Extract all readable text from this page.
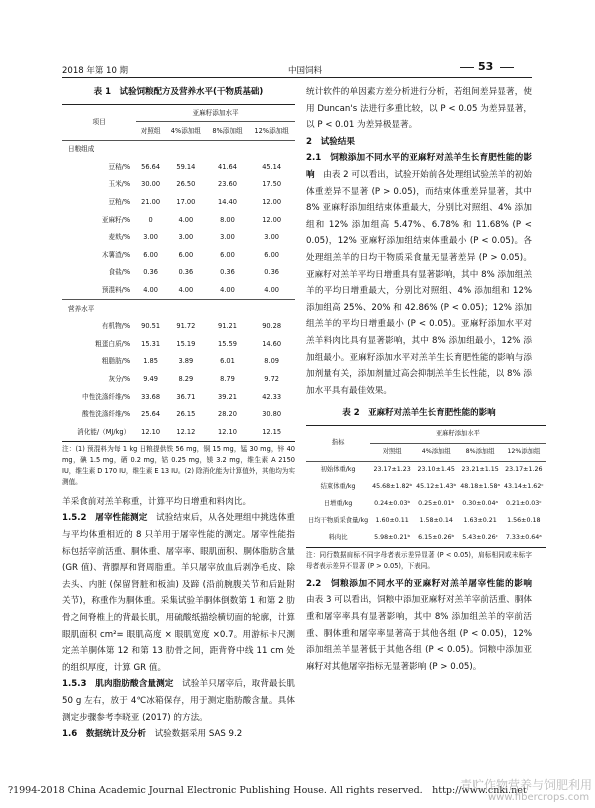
2018 年第 10 期	中国饲料	53
表 1　试验饲粮配方及营养水平(干物质基础)
项目	亚麻籽添加水平			
	对照组	4%添加组	8%添加组	12%添加组
日粮组成				
豆秸/%	56.64	59.14	41.64	45.14
玉米/%	30.00	26.50	23.60	17.50
豆粕/%	21.00	17.00	14.40	12.00
亚麻籽/%	0	4.00	8.00	12.00
麦麸/%	3.00	3.00	3.00	3.00
木薯渣/%	6.00	6.00	6.00	6.00
食盐/%	0.36	0.36	0.36	0.36
预混料/%	4.00	4.00	4.00	4.00
营养水平				
有机物/%	90.51	91.72	91.21	90.28
粗蛋白质/%	15.31	15.19	15.59	14.60
粗脂肪/%	1.85	3.89	6.01	8.09
灰分/%	9.49	8.29	8.79	9.72
中性洗涤纤维/%	33.68	36.71	39.21	42.33
酸性洗涤纤维/%	25.64	26.15	28.20	30.80
消化能/（MJ/kg）	12.10	12.12	12.10	12.15
注：(1) 预混料为每 1 kg 日粮提供铁 56 mg，铜 15 mg，锰 30 mg，锌 40 mg，碘 1.5 mg，硒 0.2 mg，钴 0.25 mg，镁 3.2 mg，维生素 A 2150 IU，维生素 D 170 IU，维生素 E 13 IU。(2) 除消化能为计算值外，其他均为实测值。

羊采食前对羔羊称重，计算平均日增重和料肉比。

1.5.2　屠宰性能测定　试验结束后，从各处理组中挑选体重与平均体重相近的 8 只羊用于屠宰性能的测定。屠宰性能指标包括宰前活重、胴体重、屠宰率、眼肌面积、胴体脂肪含量 (GR 值)、背膘厚和肾周脂重。羊只屠宰放血后剥净毛皮、除去头、内脏 (保留肾脏和板油) 及蹄 (沿前腕腹关节和后趾附关节)，称重作为胴体重。采集试验羊胴体倒数第 1 和第 2 肋骨之间脊椎上的背最长肌，用硫酸纸描绘横切面的轮廓，计算眼肌面积 cm²= 眼肌高度 × 眼肌宽度 ×0.7。用游标卡尺测定羔羊胴体第 12 和第 13 肋骨之间，距背脊中线 11 cm 处的组织厚度，计算 GR 值。

1.5.3　肌肉脂肪酸含量测定　试验羊只屠宰后，取背最长肌 50 g 左右，放于 4℃冰箱保存，用于测定脂肪酸含量。具体测定步骤参考李晓亚 (2017) 的方法。

1.6　数据统计及分析　试验数据采用 SAS 9.2

统计软件的单因素方差分析进行分析，若组间差异显著，使用 Duncan's 法进行多重比较，以 P < 0.05 为差异显著，以 P < 0.01 为差异极显著。

2　试验结果

2.1　饲粮添加不同水平的亚麻籽对羔羊生长育肥性能的影响　由表 2 可以看出，试验开始前各处理组试验羔羊的初始体重差异不显著 (P > 0.05)，而结束体重差异显著，其中 8% 亚麻籽添加组结束体重最大，分别比对照组、4% 添加组和 12% 添加组高 5.47%、6.78% 和 11.68% (P < 0.05)，12% 亚麻籽添加组结束体重最小 (P < 0.05)。各处理组羔羊的日均干物质采食量无显著差异 (P > 0.05)。亚麻籽对羔羊平均日增重具有显著影响，其中 8% 添加组羔羊的平均日增重最大，分别比对照组、4% 添加组和 12% 添加组高 25%、20% 和 42.86% (P < 0.05)；12% 添加组羔羊的平均日增重最小 (P < 0.05)。亚麻籽添加水平对羔羊料肉比具有显著影响，其中 8% 添加组最小，12% 添加组最小。亚麻籽添加水平对羔羊生长育肥性能的影响与添加剂量有关，添加剂量过高会抑制羔羊生长性能，以 8% 添加水平具有最佳效果。

表 2　亚麻籽对羔羊生长育肥性能的影响
指标	亚麻籽添加水平			
	对照组	4%添加组	8%添加组	12%添加组
初始体重/kg	23.17±1.23	23.10±1.45	23.21±1.15	23.17±1.26
结束体重/kg	45.68±1.82ᵇ	45.12±1.43ᵇ	48.18±1.58ᵃ	43.14±1.62ᶜ
日增重/kg	0.24±0.03ᵇ	0.25±0.01ᵇ	0.30±0.04ᵃ	0.21±0.03ᶜ
日均干物质采食量/kg	1.60±0.11	1.58±0.14	1.63±0.21	1.56±0.18
料肉比	5.98±0.21ᵇ	6.15±0.26ᵇ	5.43±0.26ᶜ	7.33±0.64ᵃ
注：同行数据肩标不同字母者表示差异显著 (P < 0.05)，肩标相同或未标字母者表示差异不显著 (P > 0.05)，下表同。

2.2　饲粮添加不同水平的亚麻籽对羔羊屠宰性能的影响　由表 3 可以看出，饲粮中添加亚麻籽对羔羊宰前活重、胴体重和屠宰率具有显著影响，其中 8% 添加组羔羊的宰前活重、胴体重和屠宰率显著高于其他各组 (P < 0.05)，12% 添加组羔羊显著低于其他各组 (P < 0.05)。饲粮中添加亚麻籽对其他屠宰指标无显著影响 (P > 0.05)。

?1994-2018 China Academic Journal Electronic Publishing House. All rights reserved.　http://www.cnki.net
青贮作物营养与饲肥利用
www.fibercrops.com
